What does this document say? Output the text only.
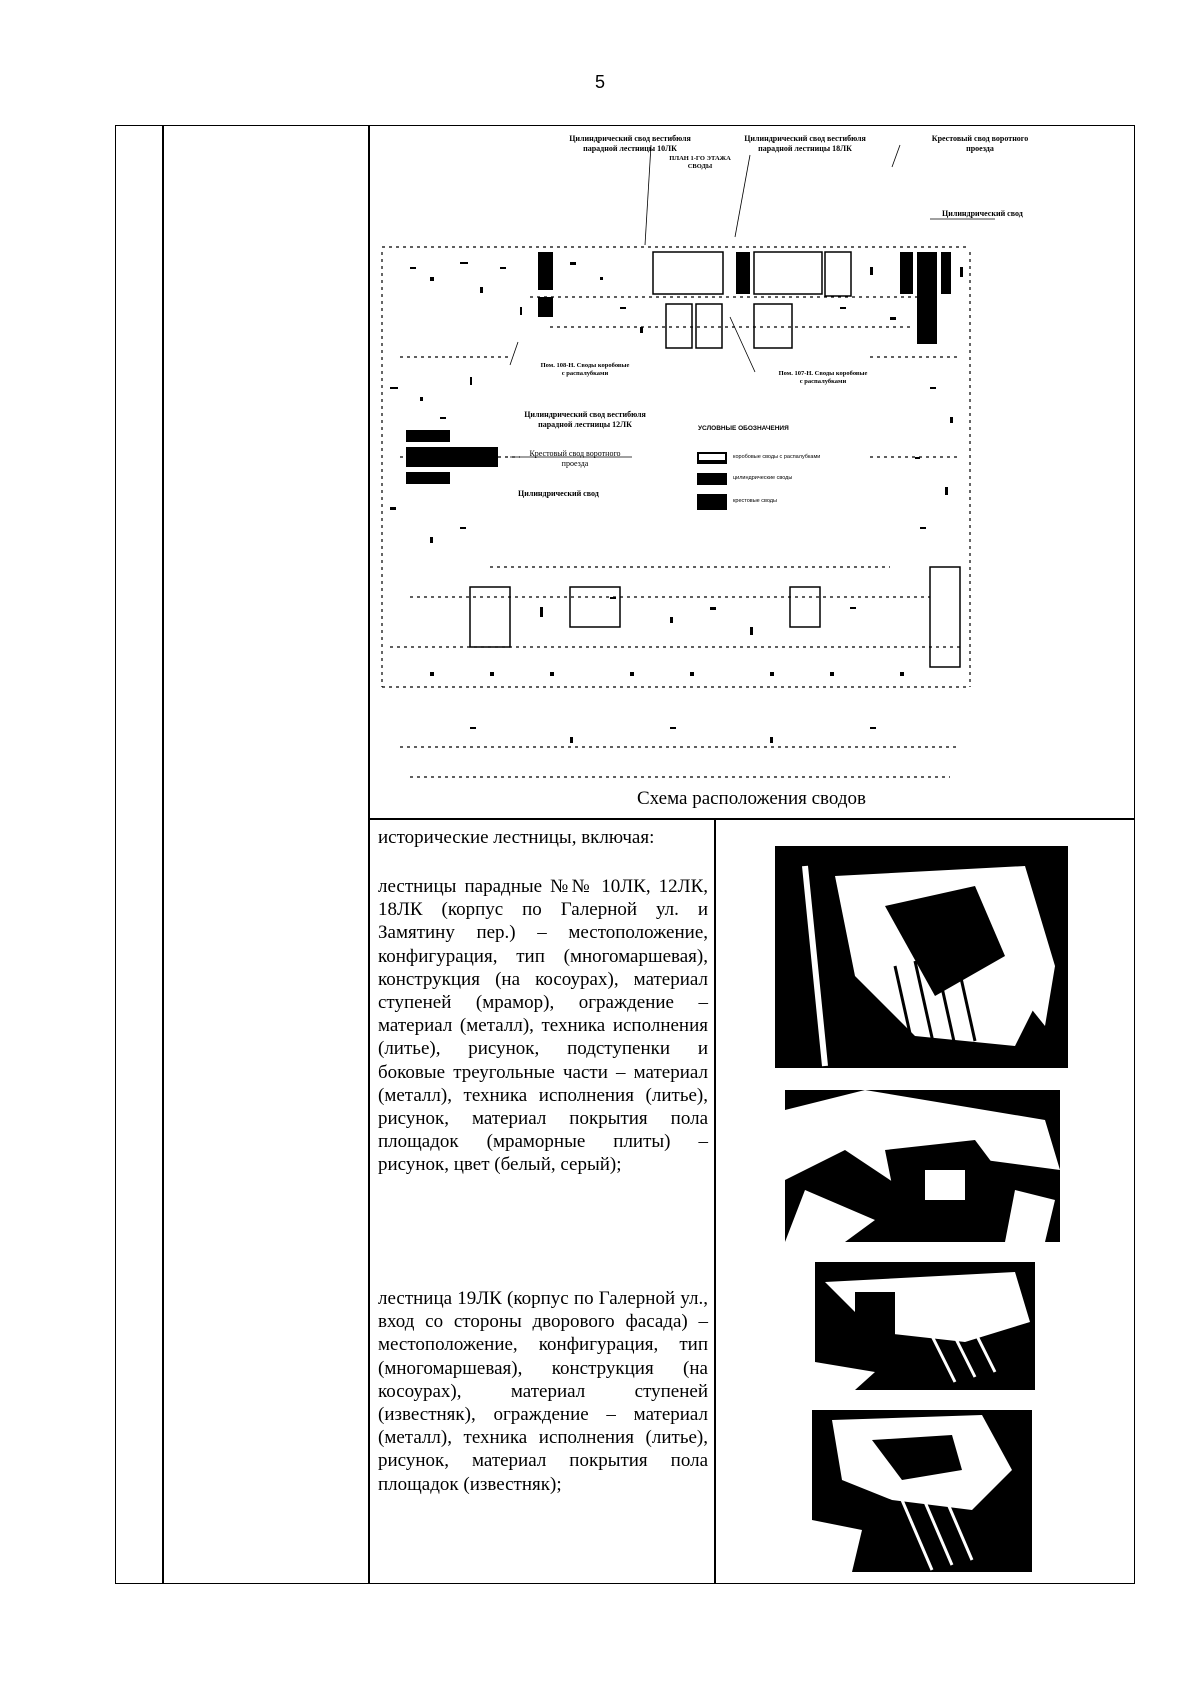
5
Цилиндрический свод вестибюля
парадной лестницы 10ЛК
Цилиндрический свод вестибюля
парадной лестницы 18ЛК
Крестовый свод воротного
проезда
ПЛАН 1-ГО ЭТАЖА
СВОДЫ
Цилиндрический свод
Пом. 108-Н. Своды коробовые
с распалубками	Пом. 107-Н. Своды коробовые
с распалубками
Цилиндрический свод вестибюля
парадной лестницы 12ЛК
Крестовый свод воротного
проезда
Цилиндрический свод
УСЛОВНЫЕ ОБОЗНАЧЕНИЯ
коробовые своды с распалубками
цилиндрические своды
крестовые своды
Схема расположения сводов
исторические лестницы, включая:

лестницы парадные №№ 10ЛК, 12ЛК, 18ЛК (корпус по Галерной ул. и Замятину пер.) – местоположение, конфигурация, тип (многомаршевая), конструкция (на косоурах), материал ступеней (мрамор), ограждение – материал (металл), техника исполнения (литье), рисунок, подступенки и боковые треугольные части – материал (металл), техника исполнения (литье), рисунок, материал покрытия пола площадок (мраморные плиты) – рисунок, цвет (белый, серый);

лестница 19ЛК (корпус по Галерной ул., вход со стороны дворового фасада) – местоположение, конфигурация, тип (многомаршевая), конструкция (на косоурах), материал ступеней (известняк), ограждение – материал (металл), техника исполнения (литье), рисунок, материал покрытия пола площадок (известняк);
